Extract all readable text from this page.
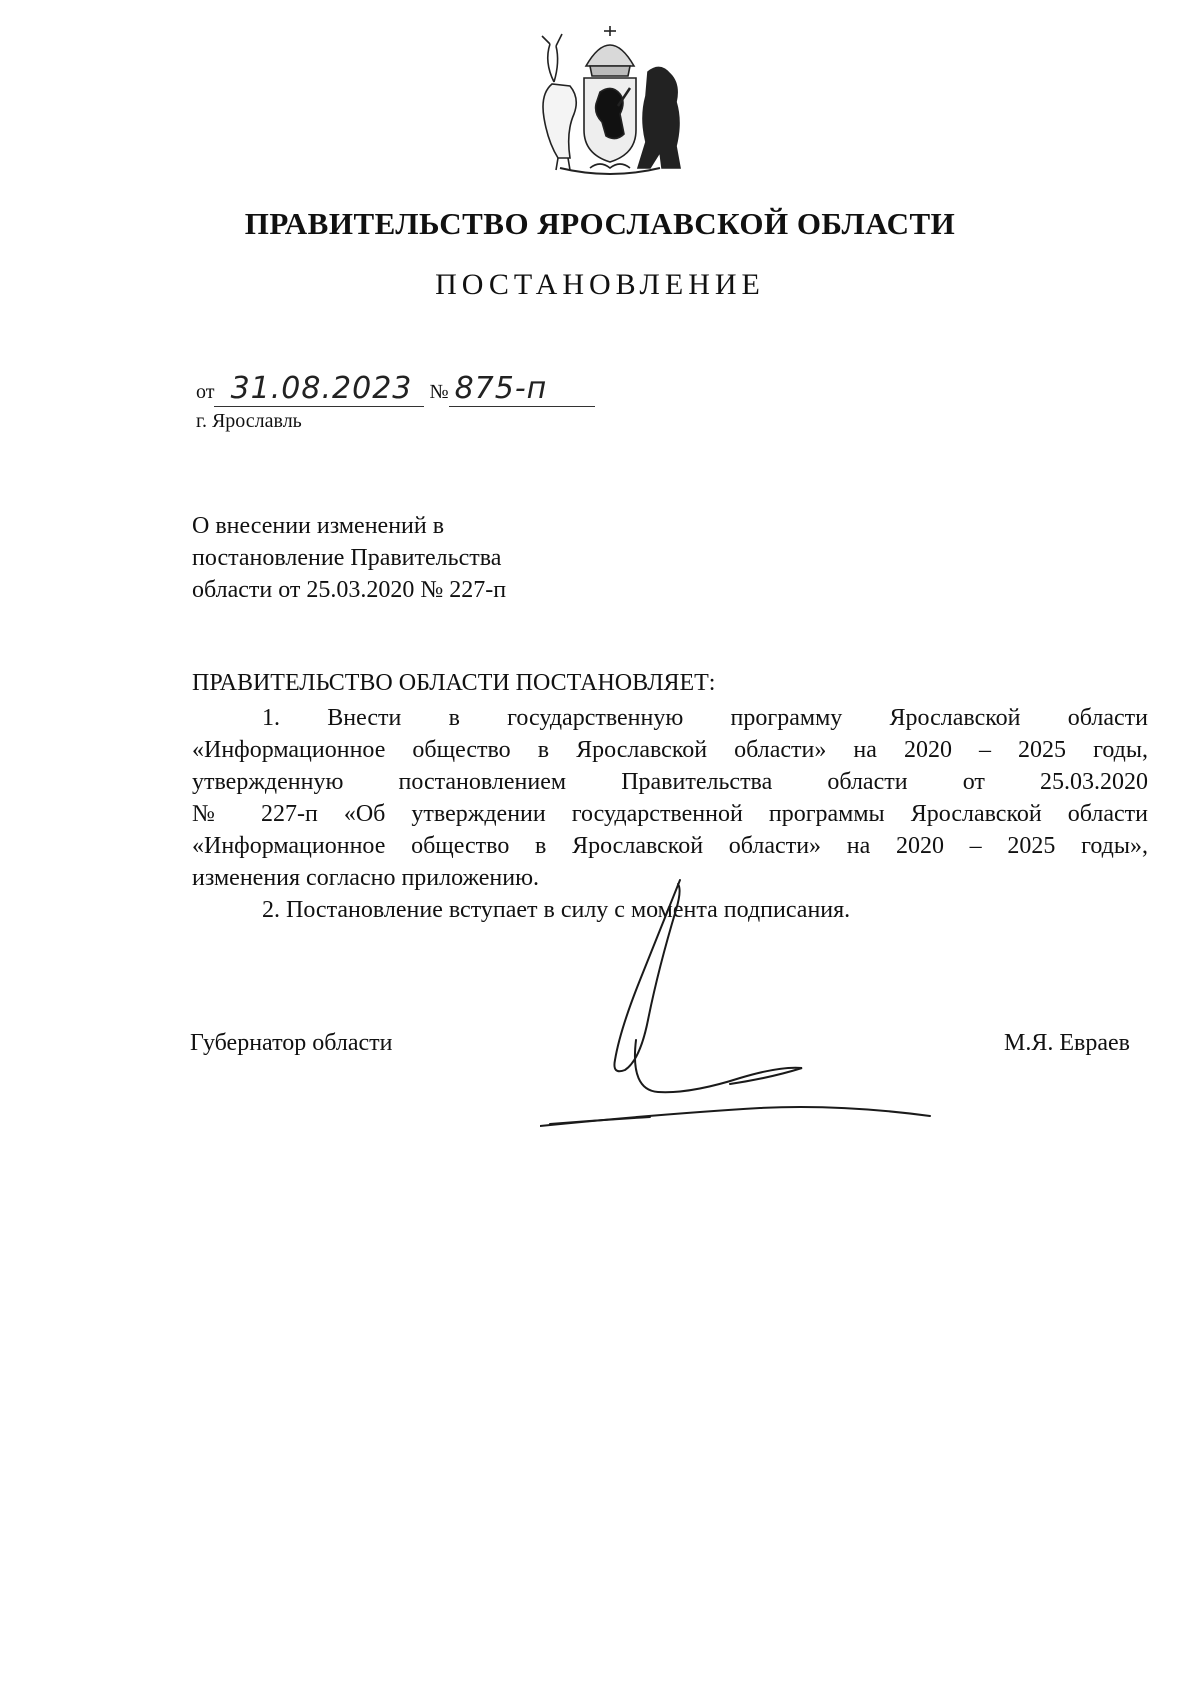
ПРАВИТЕЛЬСТВО ЯРОСЛАВСКОЙ ОБЛАСТИ
ПОСТАНОВЛЕНИЕ
от 31.08.2023 № 875-п
г. Ярославль
О внесении изменений в
постановление Правительства
области от 25.03.2020 № 227-п
ПРАВИТЕЛЬСТВО ОБЛАСТИ ПОСТАНОВЛЯЕТ:
1. Внести в государственную программу Ярославской области
«Информационное общество в Ярославской области» на 2020 – 2025 годы,
утвержденную постановлением Правительства области от 25.03.2020
№ 227-п «Об утверждении государственной программы Ярославской области
«Информационное общество в Ярославской области» на 2020 – 2025 годы»,
изменения согласно приложению.
2. Постановление вступает в силу с момента подписания.
Губернатор области	М.Я. Евраев
